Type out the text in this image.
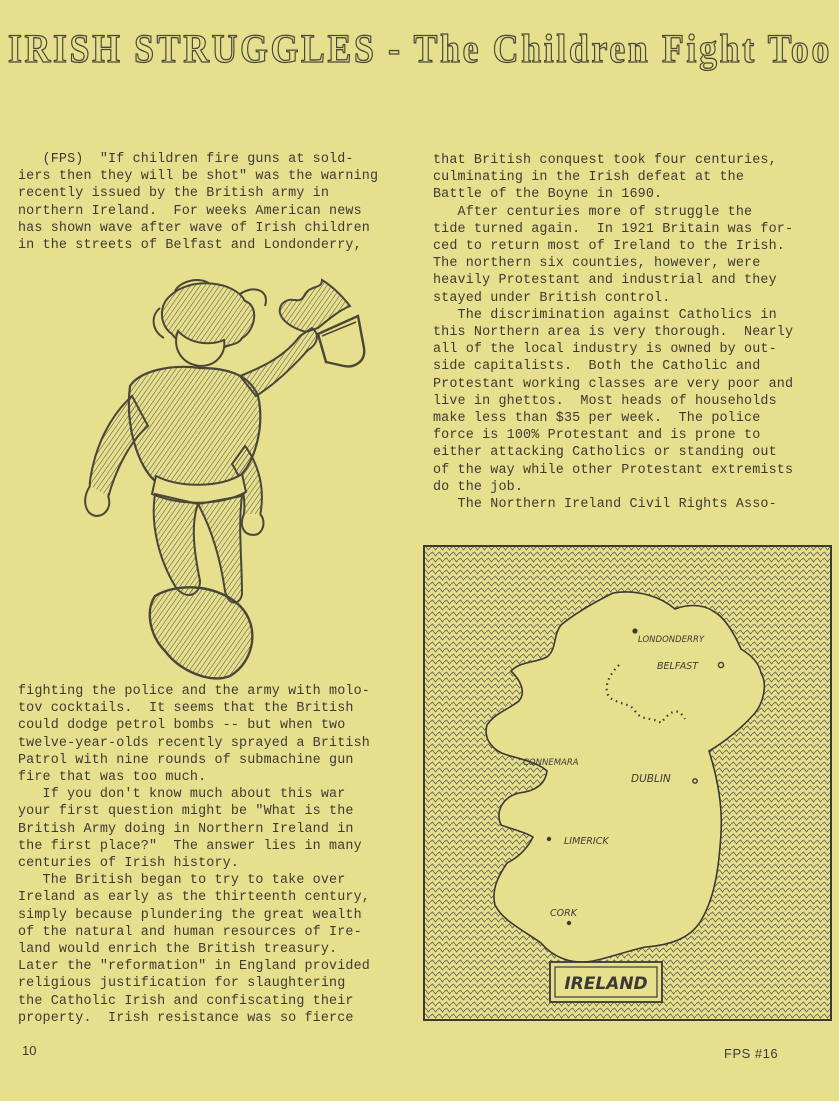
IRISH STRUGGLES - The Children Fight Too
(FPS)  "If children fire guns at sold-
iers then they will be shot" was the warning
recently issued by the British army in
northern Ireland.  For weeks American news
has shown wave after wave of Irish children
in the streets of Belfast and Londonderry,
fighting the police and the army with molo-
tov cocktails.  It seems that the British
could dodge petrol bombs -- but when two
twelve-year-olds recently sprayed a British
Patrol with nine rounds of submachine gun
fire that was too much.
If you don't know much about this war
your first question might be "What is the
British Army doing in Northern Ireland in
the first place?"  The answer lies in many
centuries of Irish history.
The British began to try to take over
Ireland as early as the thirteenth century,
simply because plundering the great wealth
of the natural and human resources of Ire-
land would enrich the British treasury.
Later the "reformation" in England provided
religious justification for slaughtering
the Catholic Irish and confiscating their
property.  Irish resistance was so fierce
that British conquest took four centuries,
culminating in the Irish defeat at the
Battle of the Boyne in 1690.
After centuries more of struggle the
tide turned again.  In 1921 Britain was for-
ced to return most of Ireland to the Irish.
The northern six counties, however, were
heavily Protestant and industrial and they
stayed under British control.
The discrimination against Catholics in
this Northern area is very thorough.  Nearly
all of the local industry is owned by out-
side capitalists.  Both the Catholic and
Protestant working classes are very poor and
live in ghettos.  Most heads of households
make less than $35 per week.  The police
force is 100% Protestant and is prone to
either attacking Catholics or standing out
of the way while other Protestant extremists
do the job.
The Northern Ireland Civil Rights Asso-
LONDONDERRY
BELFAST
CONNEMARA
DUBLIN
LIMERICK
CORK
IRELAND
10	FPS #16
